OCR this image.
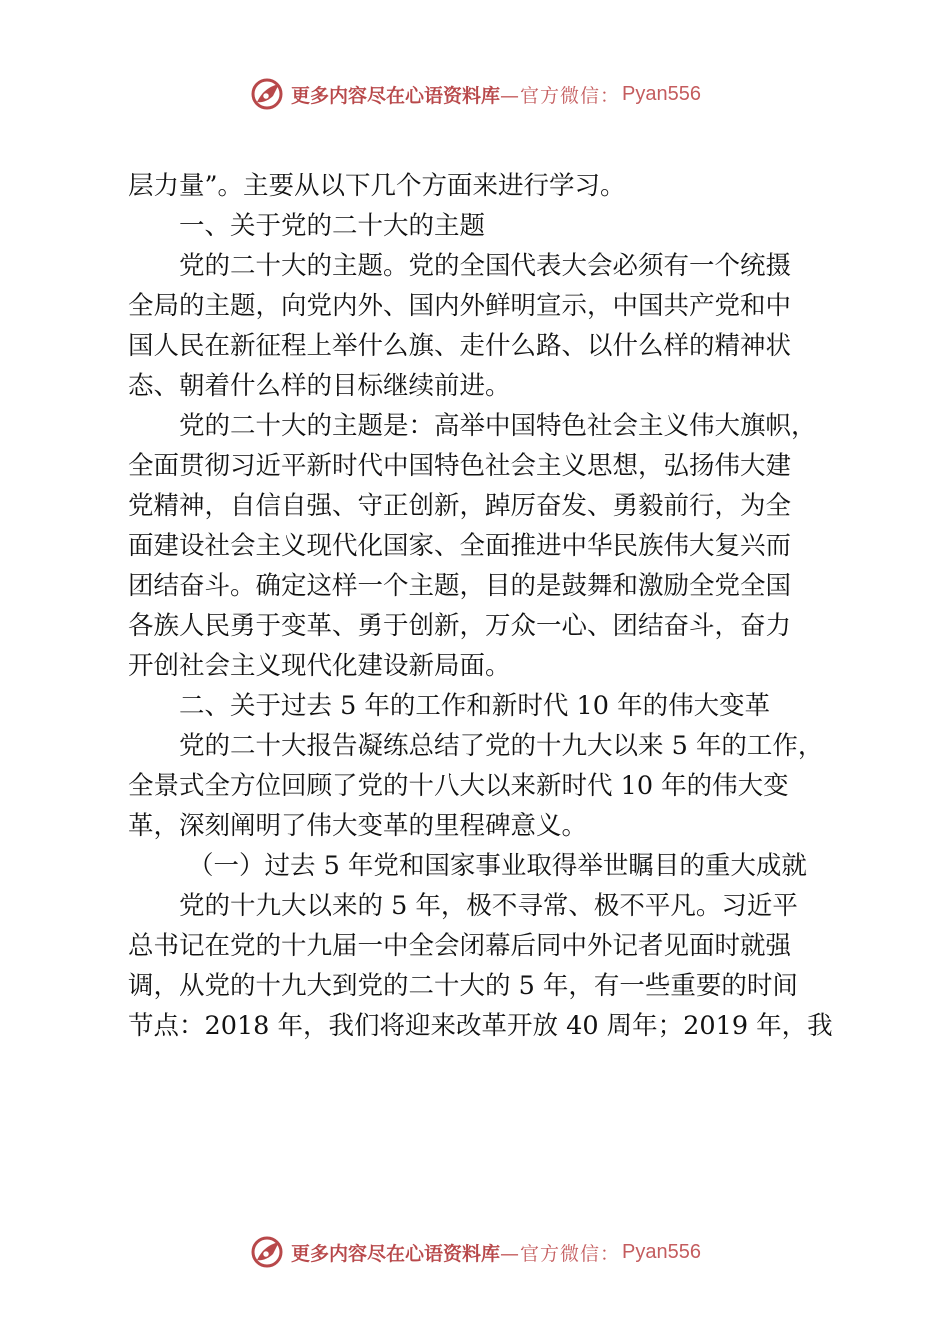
更多内容尽在心语资料库 —官方微信： Pyan556
层力量”。主要从以下几个方面来进行学习。
一、关于党的二十大的主题
党的二十大的主题。党的全国代表大会必须有一个统摄
全局的主题，向党内外、国内外鲜明宣示，中国共产党和中
国人民在新征程上举什么旗、走什么路、以什么样的精神状
态、朝着什么样的目标继续前进。
党的二十大的主题是：高举中国特色社会主义伟大旗帜，
全面贯彻习近平新时代中国特色社会主义思想，弘扬伟大建
党精神，自信自强、守正创新，踔厉奋发、勇毅前行，为全
面建设社会主义现代化国家、全面推进中华民族伟大复兴而
团结奋斗。确定这样一个主题，目的是鼓舞和激励全党全国
各族人民勇于变革、勇于创新，万众一心、团结奋斗，奋力
开创社会主义现代化建设新局面。
二、关于过去 5 年的工作和新时代 10 年的伟大变革
党的二十大报告凝练总结了党的十九大以来 5 年的工作，
全景式全方位回顾了党的十八大以来新时代 10 年的伟大变
革，深刻阐明了伟大变革的里程碑意义。
（一）过去 5 年党和国家事业取得举世瞩目的重大成就
党的十九大以来的 5 年，极不寻常、极不平凡。习近平
总书记在党的十九届一中全会闭幕后同中外记者见面时就强
调，从党的十九大到党的二十大的 5 年，有一些重要的时间
节点：2018 年，我们将迎来改革开放 40 周年；2019 年，我
更多内容尽在心语资料库 —官方微信： Pyan556
